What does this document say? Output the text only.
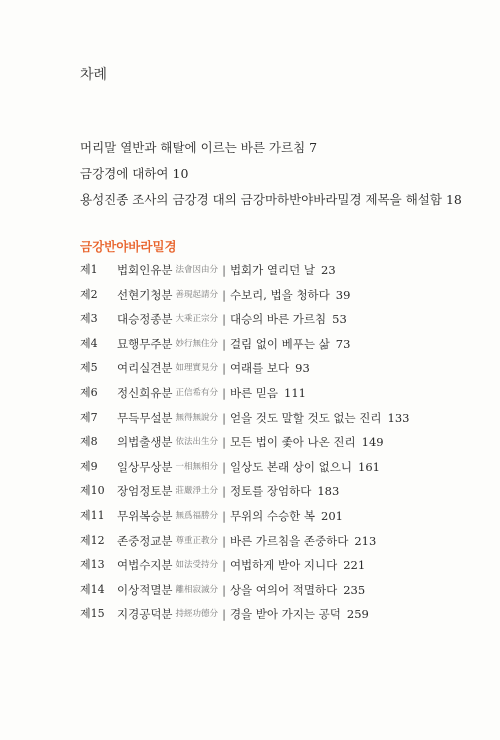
차례
머리말 열반과 해탈에 이르는 바른 가르침 7
금강경에 대하여 10
용성진종 조사의 금강경 대의 금강마하반야바라밀경 제목을 해설함 18
금강반야바라밀경
제1	법회인유분 法會因由分 | 법회가 열리던 날 23
제2	선현기청분 善現起請分 | 수보리, 법을 청하다 39
제3	대승정종분 大乘正宗分 | 대승의 바른 가르침 53
제4	묘행무주분 妙行無住分 | 걸림 없이 베푸는 삶 73
제5	여리실견분 如理實見分 | 여래를 보다 93
제6	정신희유분 正信希有分 | 바른 믿음 111
제7	무득무설분 無得無說分 | 얻을 것도 말할 것도 없는 진리 133
제8	의법출생분 依法出生分 | 모든 법이 좇아 나온 진리 149
제9	일상무상분 一相無相分 | 일상도 본래 상이 없으니 161
제10	장엄정토분 莊嚴淨土分 | 정토를 장엄하다 183
제11	무위복승분 無爲福勝分 | 무위의 수승한 복 201
제12	존중정교분 尊重正教分 | 바른 가르침을 존중하다 213
제13	여법수지분 如法受持分 | 여법하게 받아 지니다 221
제14	이상적멸분 離相寂滅分 | 상을 여의어 적멸하다 235
제15	지경공덕분 持經功德分 | 경을 받아 가지는 공덕 259
